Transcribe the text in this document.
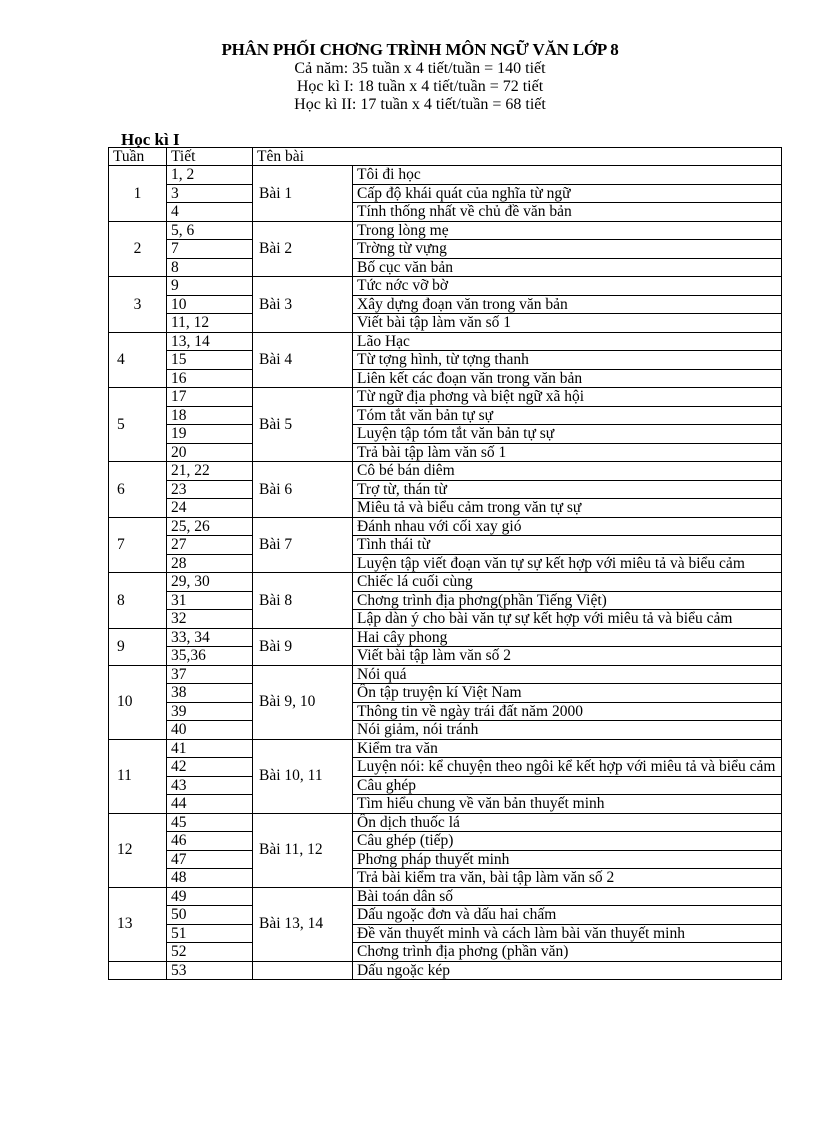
PHÂN PHỐI CHƠNG TRÌNH MÔN NGỮ VĂN LỚP 8
Cả năm: 35 tuần x 4 tiết/tuần = 140 tiết
Học kì I: 18 tuần x 4 tiết/tuần = 72 tiết
Học kì II: 17 tuần x 4 tiết/tuần = 68 tiết
Học kì I
Tuần	Tiết	Tên bài	
1	1, 2	Bài 1	Tôi đi học
	3		Cấp độ khái quát của nghĩa từ ngữ
	4		Tính thống nhất về chủ đề văn bản
2	5, 6	Bài 2	Trong lòng mẹ
	7		Trờng từ vựng
	8		Bố cục văn bản
3	9	Bài 3	Tức nớc vỡ bờ
	10		Xây dựng đoạn văn trong văn bản
	11, 12		Viết bài tập làm văn số 1
4	13, 14	Bài 4	Lão Hạc
	15		Từ tợng hình, từ tợng thanh
	16		Liên kết các đoạn văn trong văn bản
5	17	Bài 5	Từ ngữ địa phơng và biệt ngữ xã hội
	18		Tóm tắt văn bản tự sự
	19		Luyện tập tóm tắt văn bản tự sự
	20		Trả bài tập làm văn số 1
6	21, 22	Bài 6	Cô bé bán diêm
	23		Trợ từ, thán từ
	24		Miêu tả và biểu cảm trong văn tự sự
7	25, 26	Bài 7	Đánh nhau với cối xay gió
	27		Tình thái từ
	28		Luyện tập viết đoạn văn tự sự kết hợp với miêu tả và biểu cảm
8	29, 30	Bài 8	Chiếc lá cuối cùng
	31		Chơng trình địa phơng(phần Tiếng Việt)
	32		Lập dàn ý cho bài văn tự sự kết hợp với miêu tả và biểu cảm
9	33, 34	Bài 9	Hai cây phong
	35,36		Viết bài tập làm văn số 2
10	37	Bài 9, 10	Nói quá
	38		Ôn tập truyện kí Việt Nam
	39		Thông tin về ngày trái đất năm 2000
	40		Nói giảm, nói tránh
11	41	Bài 10, 11	Kiểm tra văn
	42		Luyện nói: kể chuyện theo ngôi kể kết hợp với miêu tả và biểu cảm
	43		Câu ghép
	44		Tìm hiểu chung về văn bản thuyết minh
12	45	Bài 11, 12	Ôn dịch thuốc lá
	46		Câu ghép (tiếp)
	47		Phơng pháp thuyết minh
	48		Trả bài kiểm tra văn, bài tập làm văn số 2
13	49	Bài 13, 14	Bài toán dân số
	50		Dấu ngoặc đơn và dấu hai chấm
	51		Đề văn thuyết minh và cách làm bài văn thuyết minh
	52		Chơng trình địa phơng (phần văn)
	53		Dấu ngoặc kép
